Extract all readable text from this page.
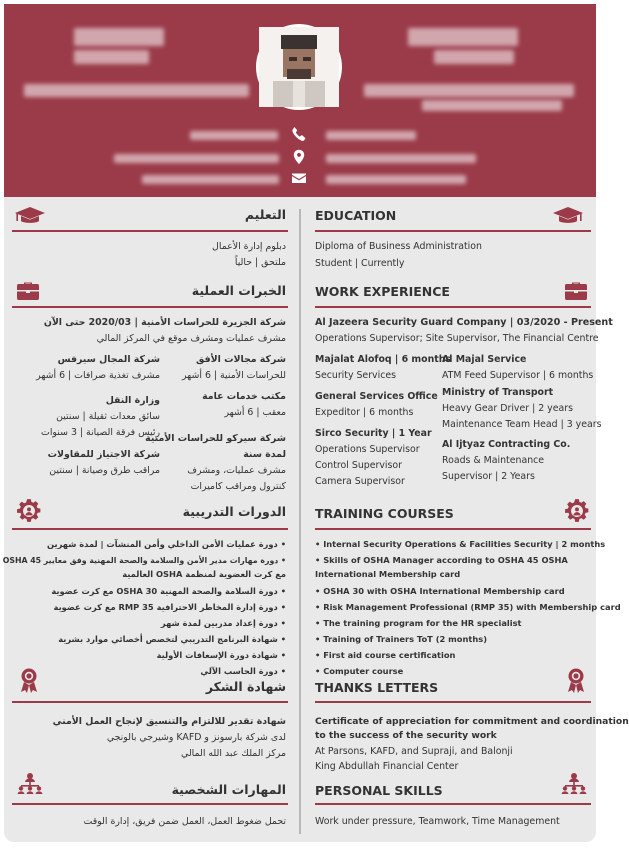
EDUCATION
Diploma of Business Administration
Student | Currently
WORK EXPERIENCE
Al Jazeera Security Guard Company | 03/2020 - Present
Operations Supervisor; Site Supervisor, The Financial Centre
Majalat Alofoq | 6 months
Security Services
General Services Office
Expeditor | 6 months
Sirco Security | 1 Year
Operations Supervisor
Control Supervisor
Camera Supervisor
Al Majal Service
ATM Feed Supervisor | 6 months
Ministry of Transport
Heavy Gear Driver | 2 years
Maintenance Team Head | 3 years
Al Ijtyaz Contracting Co.
Roads & Maintenance
Supervisor | 2 Years
TRAINING COURSES
• Internal Security Operations & Facilities Security | 2 months
• Skills of OSHA Manager according to OSHA 45 OSHA
International Membership card
• OSHA 30 with OSHA International Membership card
• Risk Management Professional (RMP 35) with Membership card
• The training program for the HR specialist
• Training of Trainers ToT (2 months)
• First aid course certification
• Computer course
THANKS LETTERS
Certificate of appreciation for commitment and coordination
to the success of the security work
At Parsons, KAFD, and Supraji, and Balonji
King Abdullah Financial Center
PERSONAL SKILLS
Work under pressure, Teamwork, Time Management
التعليم
دبلوم إدارة الأعمال
ملتحق | حالياً
الخبرات العملية
شركة الجزيرة للحراسات الأمنية | 2020/03 حتى الآن
مشرف عمليات ومشرف موقع في المركز المالي
شركة مجالات الأفق
للحراسات الأمنية | 6 أشهر
مكتب خدمات عامة
معقب | 6 أشهر
شركة سيركو للحراسات الأمنية
لمدة سنة
مشرف عمليات، ومشرف
كنترول ومراقب كاميرات
شركة المجال سيرفس
مشرف تغذية صرافات | 6 أشهر
وزارة النقل
سائق معدات ثقيلة | سنتين
رئيس فرقة الصيانة | 3 سنوات
شركة الاجتياز للمقاولات
مراقب طرق وصيانة | سنتين
الدورات التدريبية
• دورة عمليات الأمن الداخلي وأمن المنشآت | لمدة شهرين
• دورة مهارات مدير الأمن والسلامة والصحة المهنية وفق معايير OSHA 45
مع كرت العضوية لمنظمة OSHA العالمية
• دورة السلامة والصحة المهنية OSHA 30 مع كرت عضوية
• دورة إدارة المخاطر الاحترافية RMP 35 مع كرت عضوية
• دورة إعداد مدربين لمدة شهر
• شهادة البرنامج التدريبي لتخصص أخصائي موارد بشرية
• شهادة دورة الإسعافات الأولية
• دورة الحاسب الآلي
شهادة الشكر
شهادة تقدير للالتزام والتنسيق لإنجاح العمل الأمني
لدى شركة بارسونز و KAFD وشيرجي بالونجي
مركز الملك عبد الله المالي
المهارات الشخصية
تحمل ضغوط العمل، العمل ضمن فريق، إدارة الوقت
